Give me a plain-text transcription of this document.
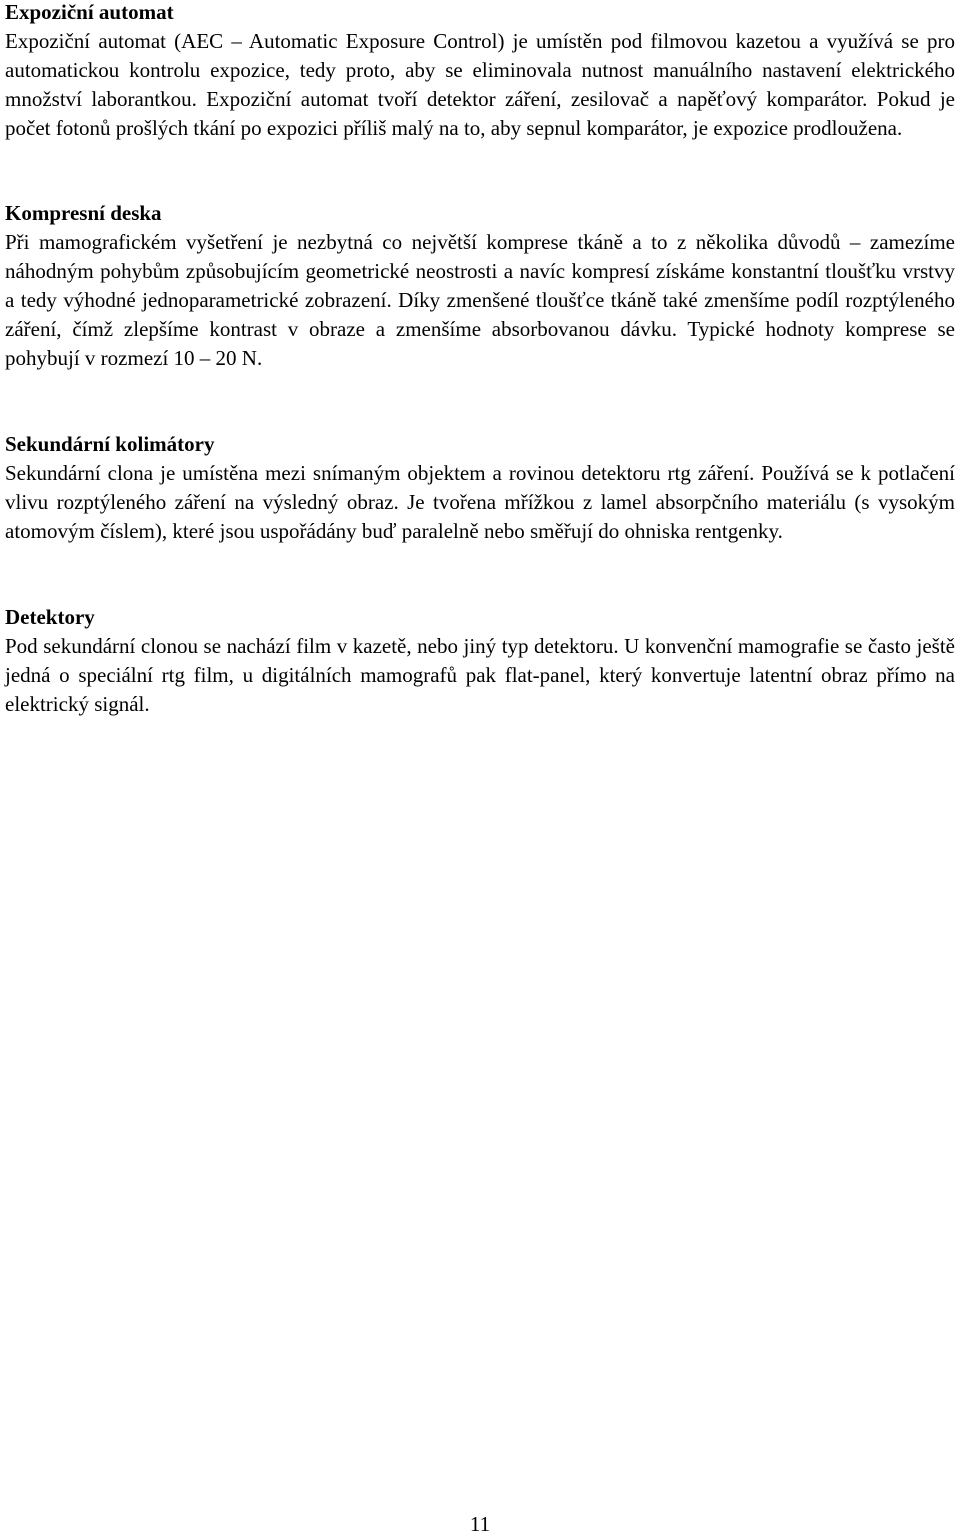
Expoziční automat

Expoziční automat (AEC – Automatic Exposure Control) je umístěn pod filmovou kazetou a využívá se pro automatickou kontrolu expozice, tedy proto, aby se eliminovala nutnost manuálního nastavení elektrického množství laborantkou. Expoziční automat tvoří detektor záření, zesilovač a napěťový komparátor. Pokud je počet fotonů prošlých tkání po expozici příliš malý na to, aby sepnul komparátor, je expozice prodloužena.

Kompresní deska

Při mamografickém vyšetření je nezbytná co největší komprese tkáně a to z několika důvodů – zamezíme náhodným pohybům způsobujícím geometrické neostrosti a navíc kompresí získáme konstantní tloušťku vrstvy a tedy výhodné jednoparametrické zobrazení. Díky zmenšené tloušťce tkáně také zmenšíme podíl rozptýleného záření, čímž zlepšíme kontrast v obraze a zmenšíme absorbovanou dávku. Typické hodnoty komprese se pohybují v rozmezí 10 – 20 N.

Sekundární kolimátory

Sekundární clona je umístěna mezi snímaným objektem a rovinou detektoru rtg záření. Používá se k potlačení vlivu rozptýleného záření na výsledný obraz. Je tvořena mřížkou z lamel absorpčního materiálu (s vysokým atomovým číslem), které jsou uspořádány buď paralelně nebo směřují do ohniska rentgenky.

Detektory

Pod sekundární clonou se nachází film v kazetě, nebo jiný typ detektoru. U konvenční mamografie se často ještě jedná o speciální rtg film, u digitálních mamografů pak flat-panel, který konvertuje latentní obraz přímo na elektrický signál.

11
